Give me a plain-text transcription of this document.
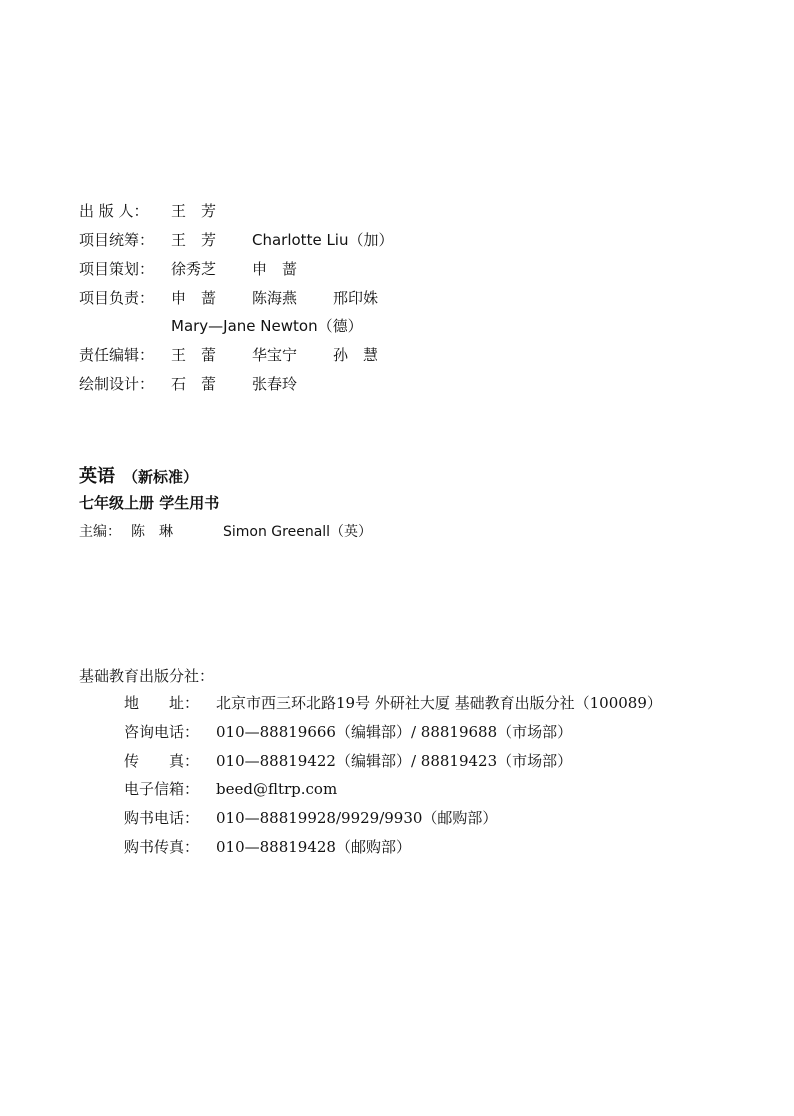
出 版 人： 王　芳
项目统筹： 王　芳 Charlotte Liu（加）
项目策划： 徐秀芝 申　蔷
项目负责： 申　蔷 陈海燕 邢印姝
Mary—Jane Newton（德）
责任编辑： 王　蕾 华宝宁 孙　慧
绘制设计： 石　蕾 张春玲
英语 （新标准）
七年级上册 学生用书
主编： 陈　琳	Simon Greenall（英）
基础教育出版分社：
地　　址： 北京市西三环北路19号 外研社大厦 基础教育出版分社（100089）
咨询电话： 010—88819666（编辑部）/ 88819688（市场部）
传　　真： 010—88819422（编辑部）/ 88819423（市场部）
电子信箱： beed@fltrp.com
购书电话： 010—88819928/9929/9930（邮购部）
购书传真： 010—88819428（邮购部）
